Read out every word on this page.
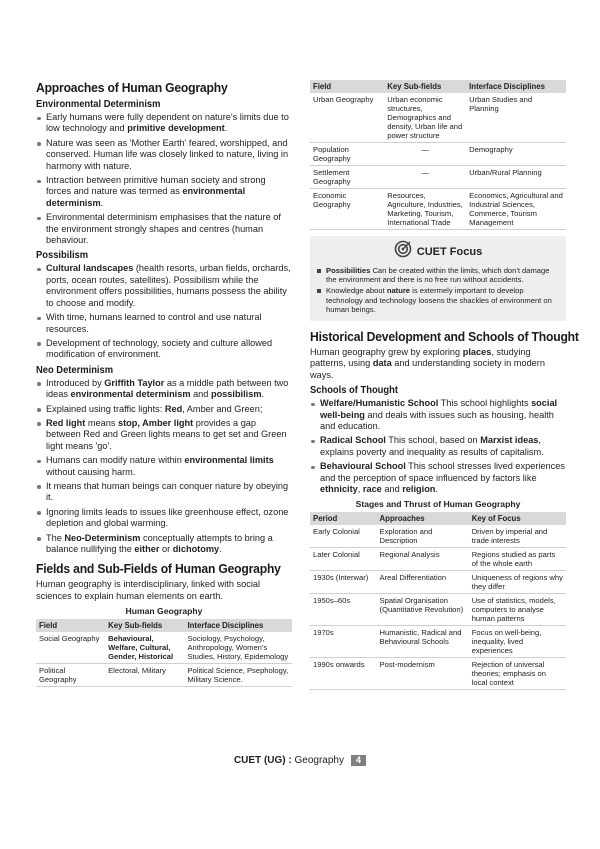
Approaches of Human Geography
Environmental Determinism
Early humans were fully dependent on nature's limits due to low technology and primitive development.
Nature was seen as 'Mother Earth' feared, worshipped, and conserved. Human life was closely linked to nature, living in harmony with nature.
Intraction between primitive human society and strong forces and nature was termed as environmental determinism.
Environmental determinism emphasises that the nature of the environment strongly shapes and centres (human behaviour.
Possibilism
Cultural landscapes (health resorts, urban fields, orchards, ports, ocean routes, satellites). Possibilism while the environment offers possibilities, humans possess the ability to choose and modify.
With time, humans learned to control and use natural resources.
Development of technology, society and culture allowed modification of environment.
Neo Determinism
Introduced by Griffith Taylor as a middle path between two ideas environmental determinism and possibilism.
Explained using traffic lights: Red, Amber and Green;
Red light means stop, Amber light provides a gap between Red and Green lights means to get set and Green light means 'go'.
Humans can modify nature within environmental limits without causing harm.
It means that human beings can conquer nature by obeying it.
Ignoring limits leads to issues like greenhouse effect, ozone depletion and global warming.
The Neo-Determinism conceptually attempts to bring a balance nullifying the either or dichotomy.
Fields and Sub-Fields of Human Geography

Human geography is interdisciplinary, linked with social sciences to explain human elements on earth.

Human Geography
Field	Key Sub-fields	Interface Disciplines
Social Geography	Behavioural, Welfare, Cultural, Gender, Historical	Sociology, Psychology, Anthropology, Women's Studies, History, Epidemology
Political Geography	Electoral, Military	Political Science, Psephology, Military Science.
Field	Key Sub-fields	Interface Disciplines
Urban Geography	Urban economic structures, Demographics and density, Urban life and power structure	Urban Studies and Planning
Population Geography	—	Demography
Settlement Geography	—	Urban/Rural Planning
Economic Geography	Resources, Agriculture, Industries, Marketing, Tourism, International Trade	Economics, Agricultural and Industrial Sciences, Commerce, Tourism Management
CUET Focus
Possibilities Can be created within the limits, which don't damage the environment and there is no free run without accidents.
Knowledge about nature is extermely important to develop technology and technology loosens the shackles of environment on human beings.
Historical Development and Schools of Thought

Human geography grew by exploring places, studying patterns, using data and understanding society in modern ways.

Schools of Thought
Welfare/Humanistic School This school highlights social well-being and deals with issues such as housing, health and education.
Radical School This school, based on Marxist ideas, explains poverty and inequality as results of capitalism.
Behavioural School This school stresses lived experiences and the perception of space influenced by factors like ethnicity, race and religion.
Stages and Thrust of Human Geography
Period	Approaches	Key of Focus
Early Colonial	Exploration and Description	Driven by imperial and trade interests
Later Colonial	Regional Analysis	Regions studied as parts of the whole earth
1930s (Interwar)	Areal Differentiation	Uniqueness of regions why they differ
1950s–60s	Spatial Organisation (Quantitative Revolution)	Use of statistics, models, computers to analyse human patterns
1970s	Humanistic, Radical and Behavioural Schools	Focus on well-being, inequality, lived experiences
1990s onwards	Post-modernism	Rejection of universal theories; emphasis on local context
CUET (UG) : Geography 4
